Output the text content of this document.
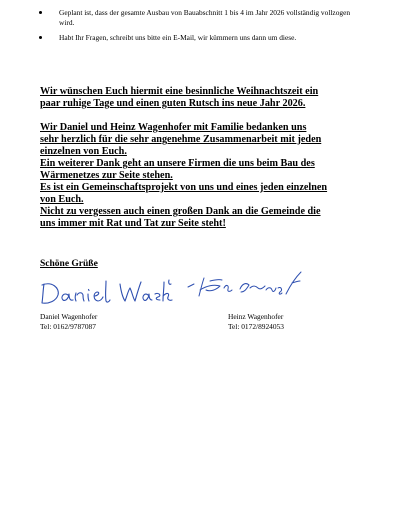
Geplant ist, dass der gesamte Ausbau von Bauabschnitt 1 bis 4 im Jahr 2026 vollständig vollzogen wird.
Habt Ihr Fragen, schreibt uns bitte ein E-Mail, wir kümmern uns dann um diese.

Wir wünschen Euch hiermit eine besinnliche Weihnachtszeit ein
paar ruhige Tage und einen guten Rutsch ins neue Jahr 2026.

Wir Daniel und Heinz Wagenhofer mit Familie bedanken uns
sehr herzlich für die sehr angenehme Zusammenarbeit mit jeden
einzelnen von Euch.
Ein weiterer Dank geht an unsere Firmen die uns beim Bau des
Wärmenetzes zur Seite stehen.
Es ist ein Gemeinschaftsprojekt von uns und eines jeden einzelnen
von Euch.
Nicht zu vergessen auch einen großen Dank an die Gemeinde die
uns immer mit Rat und Tat zur Seite steht!

Schöne Grüße
Daniel Wagenhofer
Tel: 0162/9787087
Heinz Wagenhofer
Tel: 0172/8924053
